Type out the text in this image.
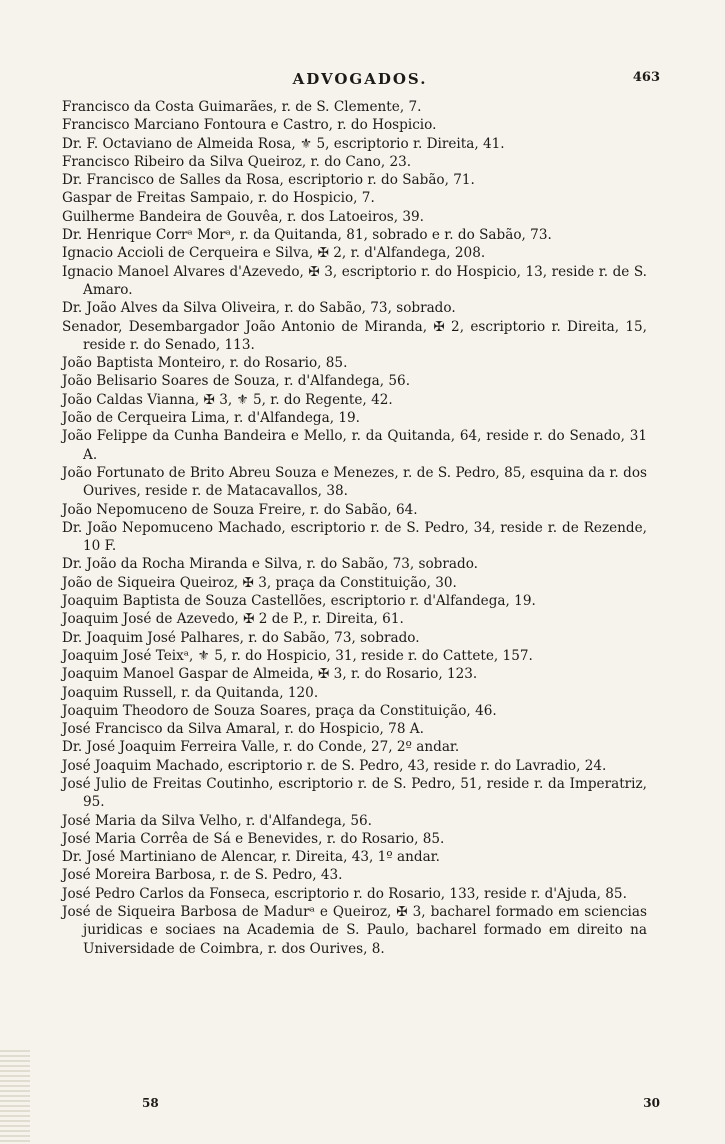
ADVOGADOS.	463
Francisco da Costa Guimarães, r. de S. Clemente, 7.
Francisco Marciano Fontoura e Castro, r. do Hospicio.
Dr. F. Octaviano de Almeida Rosa, ⚜ 5, escriptorio r. Direita, 41.
Francisco Ribeiro da Silva Queiroz, r. do Cano, 23.
Dr. Francisco de Salles da Rosa, escriptorio r. do Sabão, 71.
Gaspar de Freitas Sampaio, r. do Hospicio, 7.
Guilherme Bandeira de Gouvêa, r. dos Latoeiros, 39.
Dr. Henrique Corrᵃ Morᵃ, r. da Quitanda, 81, sobrado e r. do Sabão, 73.
Ignacio Accioli de Cerqueira e Silva, ✠ 2, r. d'Alfandega, 208.
Ignacio Manoel Alvares d'Azevedo, ✠ 3, escriptorio r. do Hospicio, 13, reside r. de S. Amaro.
Dr. João Alves da Silva Oliveira, r. do Sabão, 73, sobrado.
Senador, Desembargador João Antonio de Miranda, ✠ 2, escriptorio r. Direita, 15, reside r. do Senado, 113.
João Baptista Monteiro, r. do Rosario, 85.
João Belisario Soares de Souza, r. d'Alfandega, 56.
João Caldas Vianna, ✠ 3, ⚜ 5, r. do Regente, 42.
João de Cerqueira Lima, r. d'Alfandega, 19.
João Felippe da Cunha Bandeira e Mello, r. da Quitanda, 64, reside r. do Senado, 31 A.
João Fortunato de Brito Abreu Souza e Menezes, r. de S. Pedro, 85, esquina da r. dos Ourives, reside r. de Matacavallos, 38.
João Nepomuceno de Souza Freire, r. do Sabão, 64.
Dr. João Nepomuceno Machado, escriptorio r. de S. Pedro, 34, reside r. de Rezende, 10 F.
Dr. João da Rocha Miranda e Silva, r. do Sabão, 73, sobrado.
João de Siqueira Queiroz, ✠ 3, praça da Constituição, 30.
Joaquim Baptista de Souza Castellões, escriptorio r. d'Alfandega, 19.
Joaquim José de Azevedo, ✠ 2 de P., r. Direita, 61.
Dr. Joaquim José Palhares, r. do Sabão, 73, sobrado.
Joaquim José Teixᵃ, ⚜ 5, r. do Hospicio, 31, reside r. do Cattete, 157.
Joaquim Manoel Gaspar de Almeida, ✠ 3, r. do Rosario, 123.
Joaquim Russell, r. da Quitanda, 120.
Joaquim Theodoro de Souza Soares, praça da Constituição, 46.
José Francisco da Silva Amaral, r. do Hospicio, 78 A.
Dr. José Joaquim Ferreira Valle, r. do Conde, 27, 2º andar.
José Joaquim Machado, escriptorio r. de S. Pedro, 43, reside r. do Lavradio, 24.
José Julio de Freitas Coutinho, escriptorio r. de S. Pedro, 51, reside r. da Imperatriz, 95.
José Maria da Silva Velho, r. d'Alfandega, 56.
José Maria Corrêa de Sá e Benevides, r. do Rosario, 85.
Dr. José Martiniano de Alencar, r. Direita, 43, 1º andar.
José Moreira Barbosa, r. de S. Pedro, 43.
José Pedro Carlos da Fonseca, escriptorio r. do Rosario, 133, reside r. d'Ajuda, 85.
José de Siqueira Barbosa de Madurᵃ e Queiroz, ✠ 3, bacharel formado em sciencias juridicas e sociaes na Academia de S. Paulo, bacharel formado em direito na Universidade de Coimbra, r. dos Ourives, 8.
58	30
